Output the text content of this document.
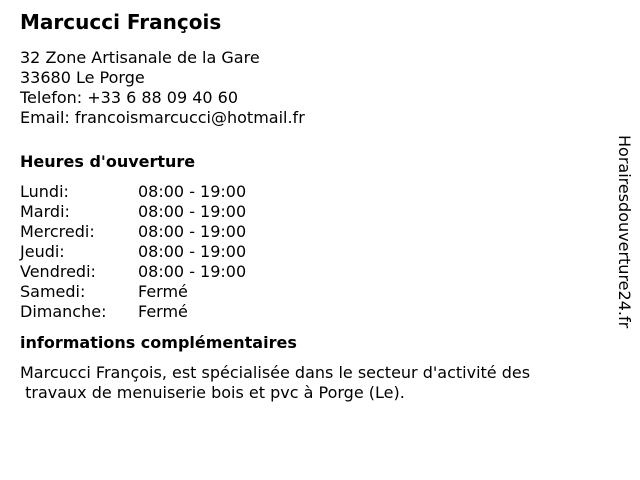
Marcucci François
32 Zone Artisanale de la Gare
33680 Le Porge
Telefon: +33 6 88 09 40 60
Email: francoismarcucci@hotmail.fr
Heures d'ouverture
Lundi:	08:00 - 19:00
Mardi:	08:00 - 19:00
Mercredi:	08:00 - 19:00
Jeudi:	08:00 - 19:00
Vendredi:	08:00 - 19:00
Samedi:	Fermé
Dimanche:	Fermé
informations complémentaires
Marcucci François, est spécialisée dans le secteur d'activité des
travaux de menuiserie bois et pvc à Porge (Le).
Horairesdouverture24.fr
